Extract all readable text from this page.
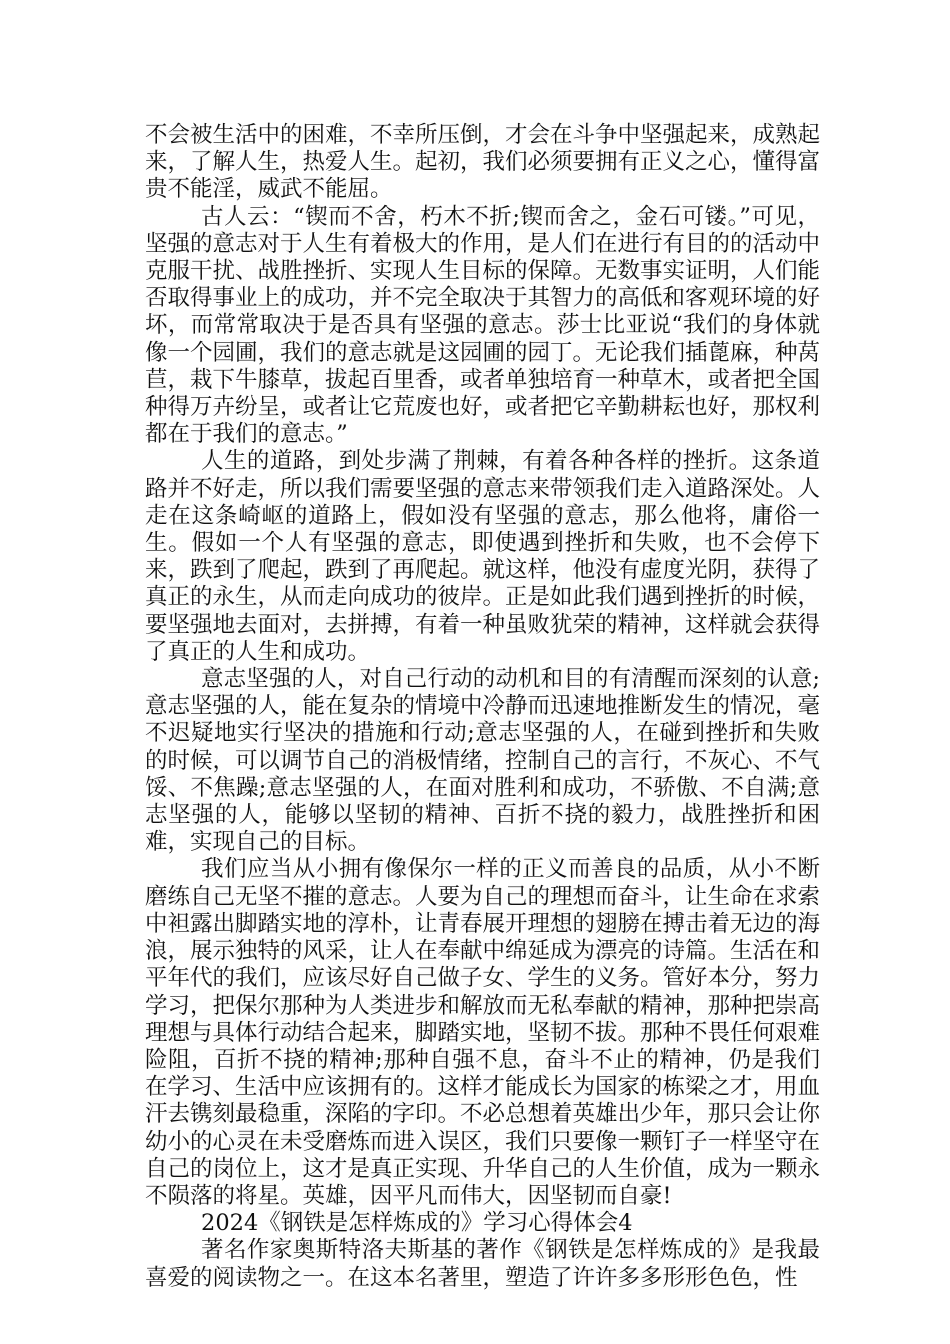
不会被生活中的困难，不幸所压倒，才会在斗争中坚强起来，成熟起来，了解人生，热爱人生。起初，我们必须要拥有正义之心，懂得富贵不能淫，威武不能屈。

古人云：“锲而不舍，朽木不折;锲而舍之，金石可镂。”可见，坚强的意志对于人生有着极大的作用，是人们在进行有目的的活动中克服干扰、战胜挫折、实现人生目标的保障。无数事实证明，人们能否取得事业上的成功，并不完全取决于其智力的高低和客观环境的好坏，而常常取决于是否具有坚强的意志。莎士比亚说“我们的身体就像一个园圃，我们的意志就是这园圃的园丁。无论我们插蓖麻，种莴苣，栽下牛膝草，拔起百里香，或者单独培育一种草木，或者把全国种得万卉纷呈，或者让它荒废也好，或者把它辛勤耕耘也好，那权利都在于我们的意志。”

人生的道路，到处步满了荆棘，有着各种各样的挫折。这条道路并不好走，所以我们需要坚强的意志来带领我们走入道路深处。人走在这条崎岖的道路上，假如没有坚强的意志，那么他将，庸俗一生。假如一个人有坚强的意志，即使遇到挫折和失败，也不会停下来，跌到了爬起，跌到了再爬起。就这样，他没有虚度光阴，获得了真正的永生，从而走向成功的彼岸。正是如此我们遇到挫折的时候，要坚强地去面对，去拼搏，有着一种虽败犹荣的精神，这样就会获得了真正的人生和成功。

意志坚强的人，对自己行动的动机和目的有清醒而深刻的认意;意志坚强的人，能在复杂的情境中冷静而迅速地推断发生的情况，毫不迟疑地实行坚决的措施和行动;意志坚强的人，在碰到挫折和失败的时候，可以调节自己的消极情绪，控制自己的言行，不灰心、不气馁、不焦躁;意志坚强的人，在面对胜利和成功，不骄傲、不自满;意志坚强的人，能够以坚韧的精神、百折不挠的毅力，战胜挫折和困难，实现自己的目标。

我们应当从小拥有像保尔一样的正义而善良的品质，从小不断磨练自己无坚不摧的意志。人要为自己的理想而奋斗，让生命在求索中袒露出脚踏实地的淳朴，让青春展开理想的翅膀在搏击着无边的海浪，展示独特的风采，让人在奉献中绵延成为漂亮的诗篇。生活在和平年代的我们，应该尽好自己做子女、学生的义务。管好本分，努力学习，把保尔那种为人类进步和解放而无私奉献的精神，那种把崇高理想与具体行动结合起来，脚踏实地，坚韧不拔。那种不畏任何艰难险阻，百折不挠的精神;那种自强不息，奋斗不止的精神，仍是我们在学习、生活中应该拥有的。这样才能成长为国家的栋梁之才，用血汗去镌刻最稳重，深陷的字印。不必总想着英雄出少年，那只会让你幼小的心灵在未受磨炼而进入误区，我们只要像一颗钉子一样坚守在自己的岗位上，这才是真正实现、升华自己的人生价值，成为一颗永不陨落的将星。英雄，因平凡而伟大，因坚韧而自豪!

2024《钢铁是怎样炼成的》学习心得体会4

著名作家奥斯特洛夫斯基的著作《钢铁是怎样炼成的》是我最喜爱的阅读物之一。在这本名著里，塑造了许许多多形形色色，性
